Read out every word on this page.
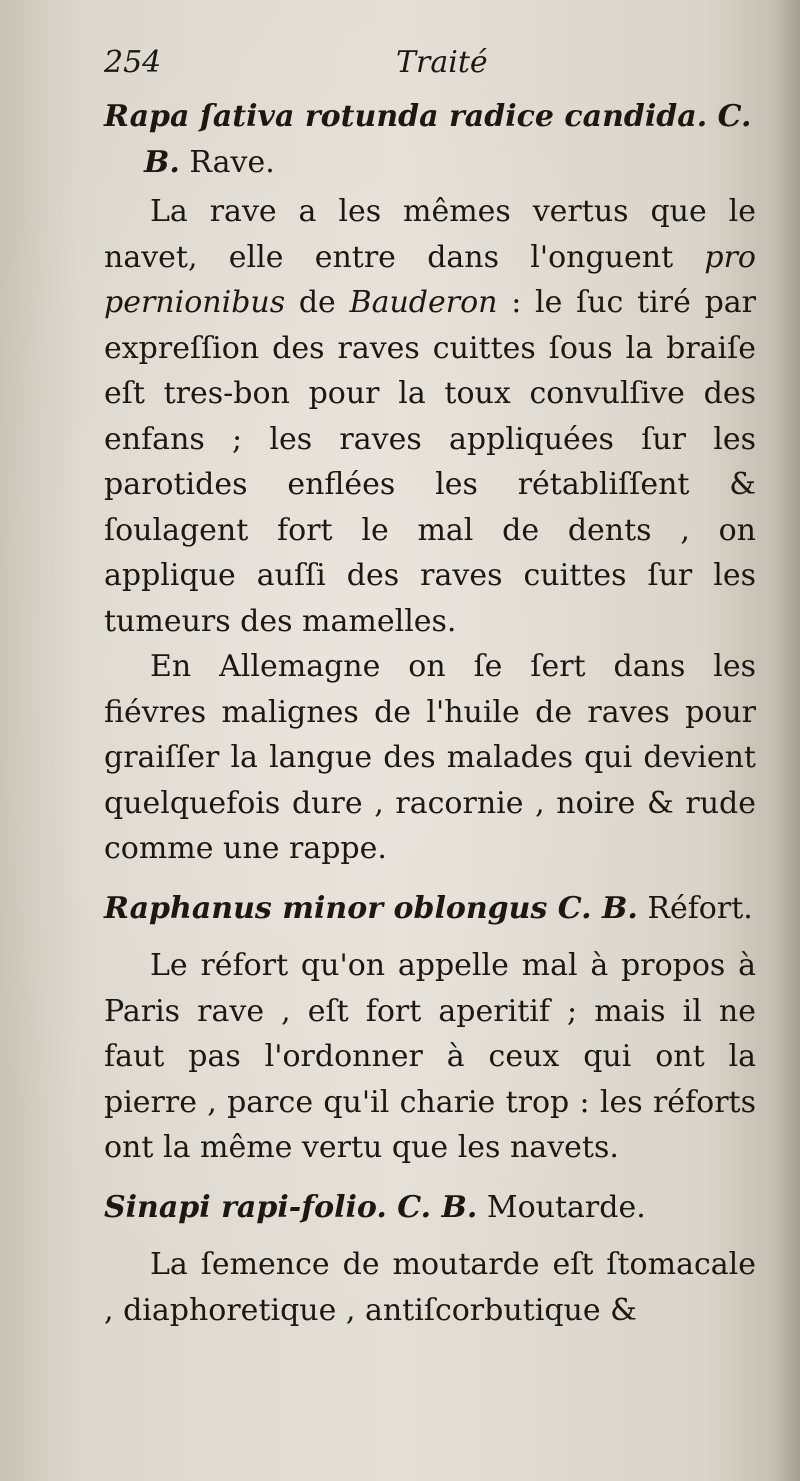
254	Traité

Rapa ſativa rotunda radice candida. C.
B. Rave.

La rave a les mêmes vertus que le navet, elle entre dans l'onguent pro pernionibus de Bauderon : le ſuc tiré par expreſſion des raves cuittes ſous la braiſe eſt tres-bon pour la toux convulſive des enfans ; les raves appliquées ſur les parotides enflées les rétabliſſent & ſoulagent fort le mal de dents , on applique auſſi des raves cuittes ſur les tumeurs des mamelles.

En Allemagne on ſe ſert dans les fiévres malignes de l'huile de raves pour graiſſer la langue des malades qui devient quelquefois dure , racornie , noire & rude comme une rappe.

Raphanus minor oblongus C. B. Réfort.

Le réfort qu'on appelle mal à propos à Paris rave , eſt fort aperitif ; mais il ne faut pas l'ordonner à ceux qui ont la pierre , parce qu'il charie trop : les réforts ont la même vertu que les navets.

Sinapi rapi-folio. C. B. Moutarde.

La ſemence de moutarde eſt ſtomacale , diaphoretique , antiſcorbutique &
